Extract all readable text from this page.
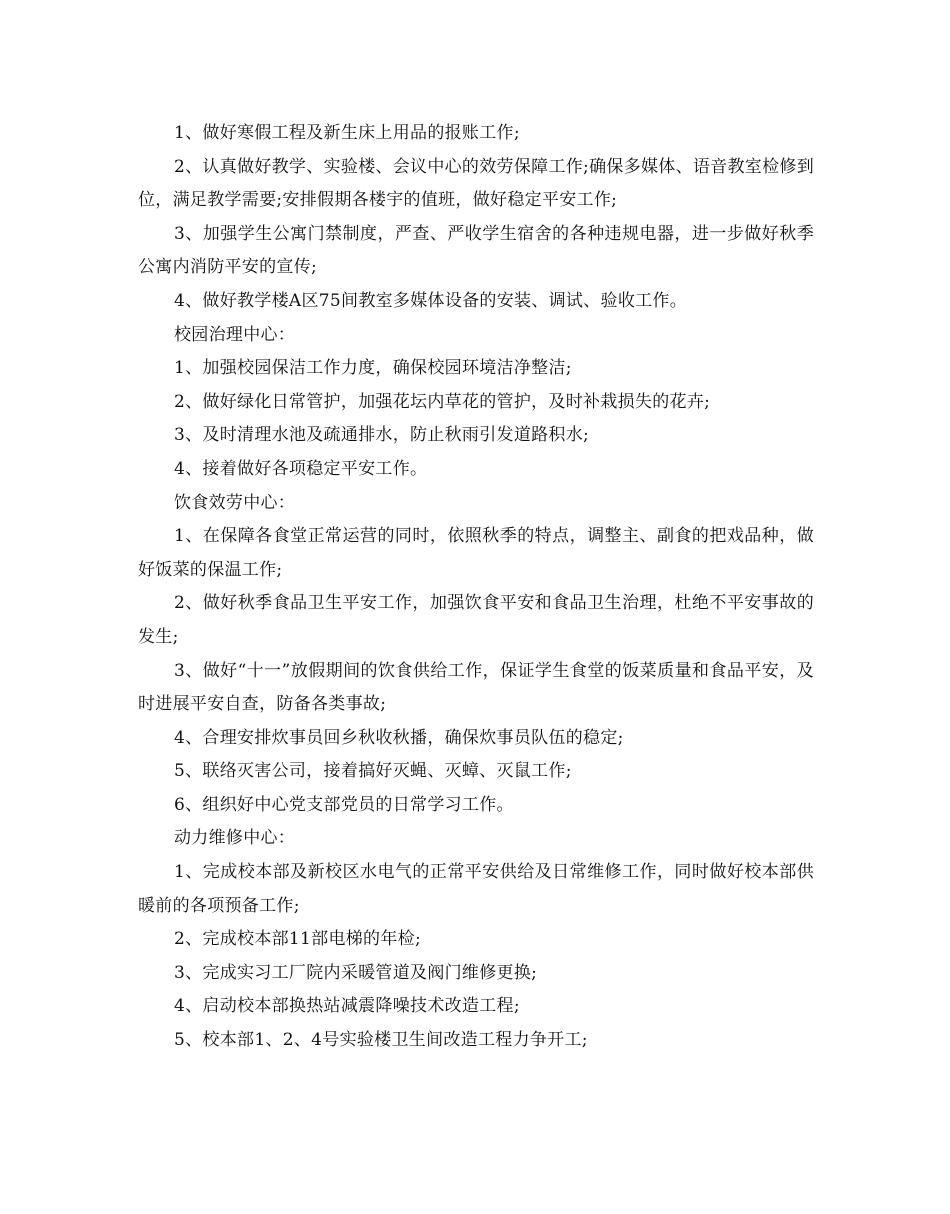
1、做好寒假工程及新生床上用品的报账工作;

2、认真做好教学、实验楼、会议中心的效劳保障工作;确保多媒体、语音教室检修到位，满足教学需要;安排假期各楼宇的值班，做好稳定平安工作;

3、加强学生公寓门禁制度，严查、严收学生宿舍的各种违规电器，进一步做好秋季公寓内消防平安的宣传;

4、做好教学楼A区75间教室多媒体设备的安装、调试、验收工作。

校园治理中心：

1、加强校园保洁工作力度，确保校园环境洁净整洁;

2、做好绿化日常管护，加强花坛内草花的管护，及时补栽损失的花卉;

3、及时清理水池及疏通排水，防止秋雨引发道路积水;

4、接着做好各项稳定平安工作。

饮食效劳中心：

1、在保障各食堂正常运营的同时，依照秋季的特点，调整主、副食的把戏品种，做好饭菜的保温工作;

2、做好秋季食品卫生平安工作，加强饮食平安和食品卫生治理，杜绝不平安事故的发生;

3、做好“十一”放假期间的饮食供给工作，保证学生食堂的饭菜质量和食品平安，及时进展平安自查，防备各类事故;

4、合理安排炊事员回乡秋收秋播，确保炊事员队伍的稳定;

5、联络灭害公司，接着搞好灭蝇、灭蟑、灭鼠工作;

6、组织好中心党支部党员的日常学习工作。

动力维修中心：

1、完成校本部及新校区水电气的正常平安供给及日常维修工作，同时做好校本部供暖前的各项预备工作;

2、完成校本部11部电梯的年检;

3、完成实习工厂院内采暖管道及阀门维修更换;

4、启动校本部换热站减震降噪技术改造工程;

5、校本部1、2、4号实验楼卫生间改造工程力争开工;
